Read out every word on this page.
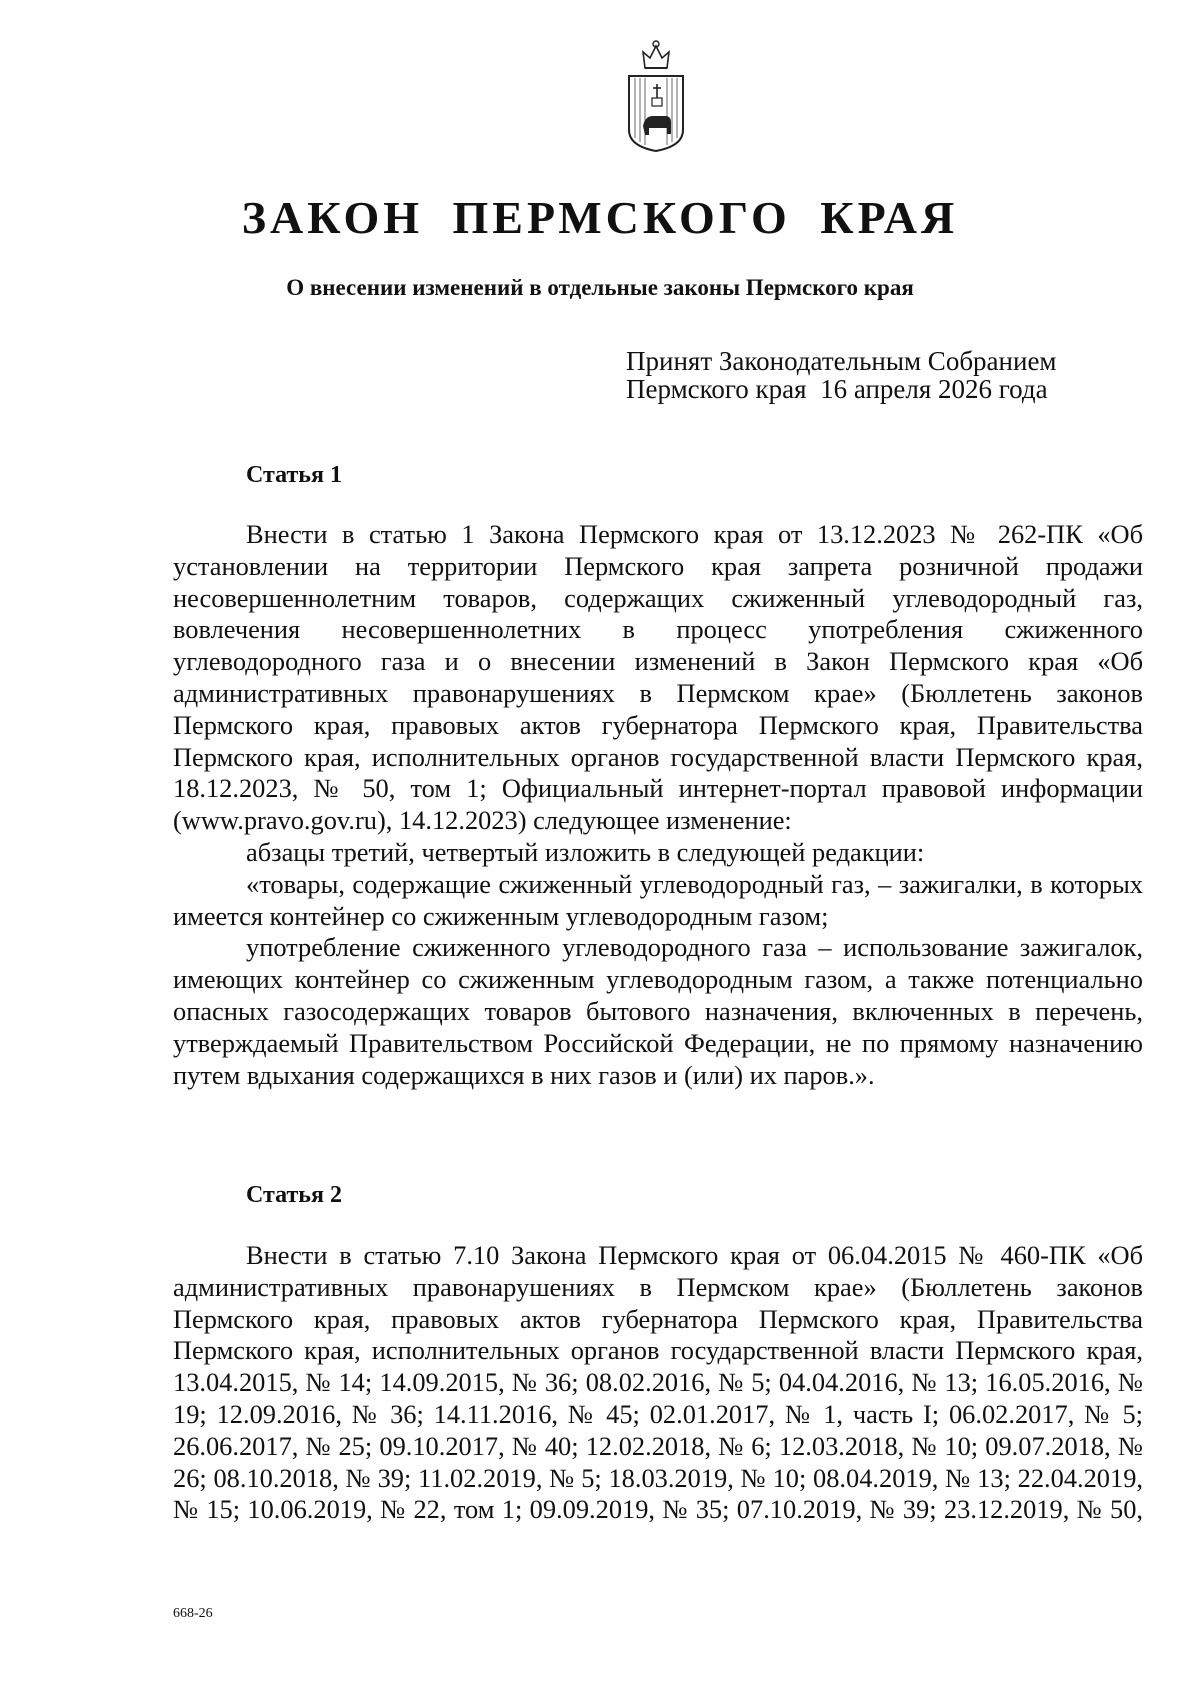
ЗАКОН ПЕРМСКОГО КРАЯ
О внесении изменений в отдельные законы Пермского края
Принят Законодательным Собранием
Пермского края  16 апреля 2026 года
Статья 1

Внести в статью 1 Закона Пермского края от 13.12.2023 № 262-ПК «Об установлении на территории Пермского края запрета розничной продажи несовершеннолетним товаров, содержащих сжиженный углеводородный газ, вовлечения несовершеннолетних в процесс употребления сжиженного углеводородного газа и о внесении изменений в Закон Пермского края «Об административных правонарушениях в Пермском крае» (Бюллетень законов Пермского края, правовых актов губернатора Пермского края, Правительства Пермского края, исполнительных органов государственной власти Пермского края, 18.12.2023, № 50, том 1; Официальный интернет-портал правовой информации (www.pravo.gov.ru), 14.12.2023) следующее изменение:

абзацы третий, четвертый изложить в следующей редакции:

«товары, содержащие сжиженный углеводородный газ, – зажигалки, в которых имеется контейнер со сжиженным углеводородным газом;

употребление сжиженного углеводородного газа – использование зажигалок, имеющих контейнер со сжиженным углеводородным газом, а также потенциально опасных газосодержащих товаров бытового назначения, включенных в перечень, утверждаемый Правительством Российской Федерации, не по прямому назначению путем вдыхания содержащихся в них газов и (или) их паров.».

Статья 2

Внести в статью 7.10 Закона Пермского края от 06.04.2015 № 460-ПК «Об административных правонарушениях в Пермском крае» (Бюллетень законов Пермского края, правовых актов губернатора Пермского края, Правительства Пермского края, исполнительных органов государственной власти Пермского края, 13.04.2015, № 14; 14.09.2015, № 36; 08.02.2016, № 5; 04.04.2016, № 13; 16.05.2016, № 19; 12.09.2016, № 36; 14.11.2016, № 45; 02.01.2017, № 1, часть I; 06.02.2017, № 5; 26.06.2017, № 25; 09.10.2017, № 40; 12.02.2018, № 6; 12.03.2018, № 10; 09.07.2018, № 26; 08.10.2018, № 39; 11.02.2019, № 5; 18.03.2019, № 10; 08.04.2019, № 13; 22.04.2019, № 15; 10.06.2019, № 22, том 1; 09.09.2019, № 35; 07.10.2019, № 39; 23.12.2019, № 50,

668-26
